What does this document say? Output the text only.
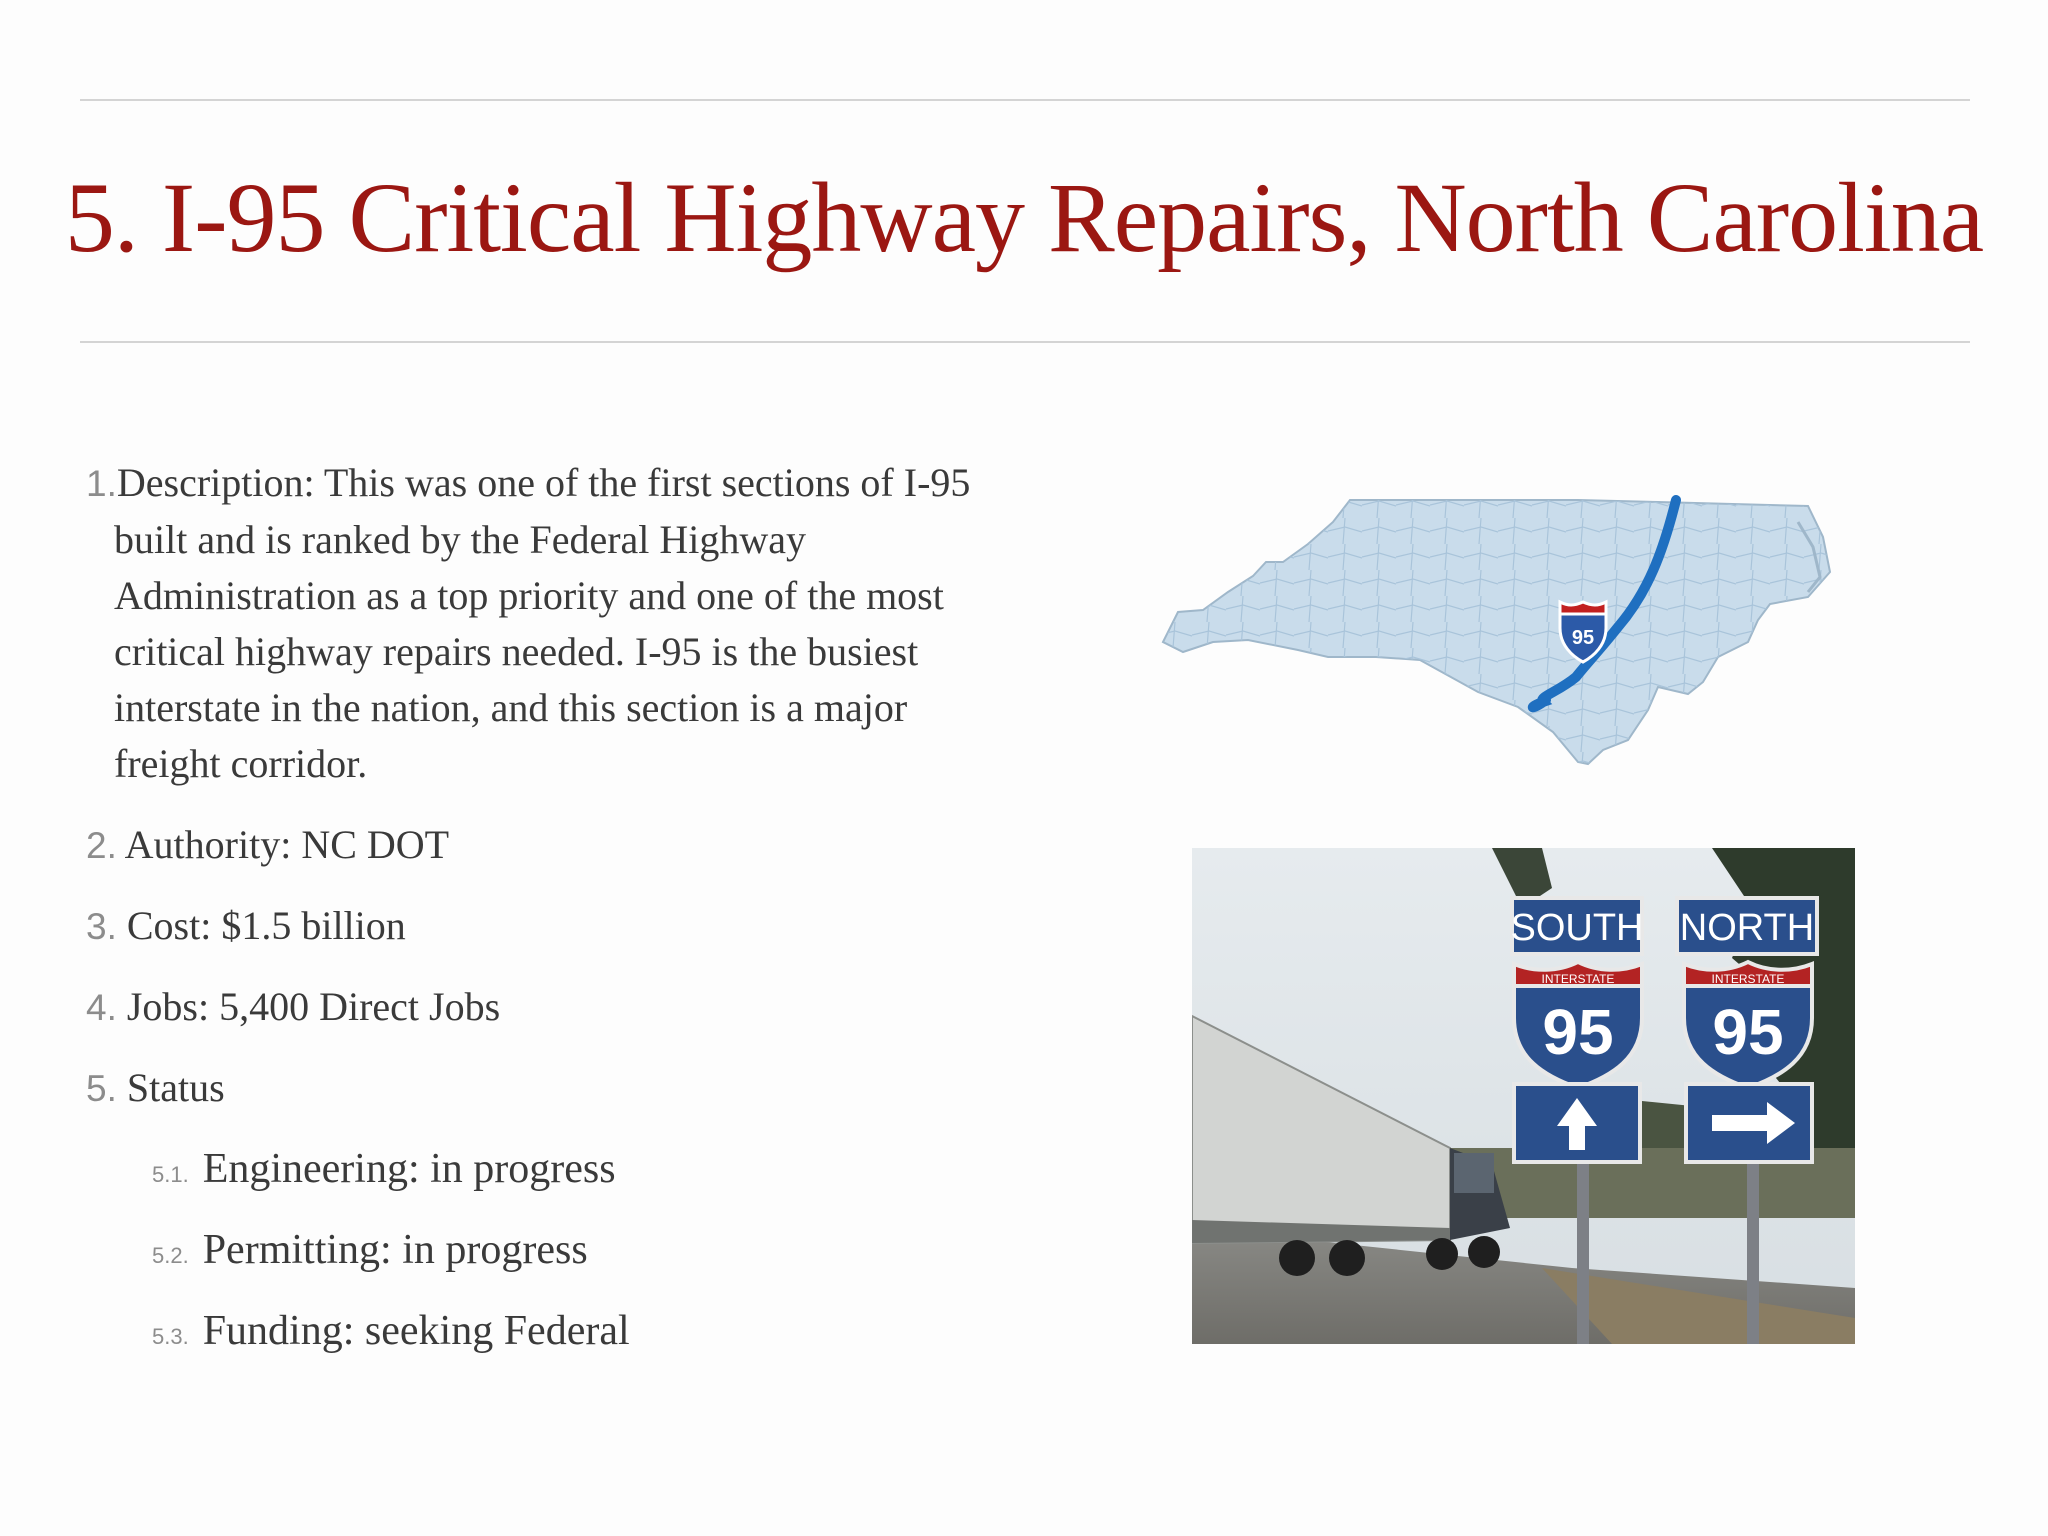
5. I-95 Critical Highway Repairs, North Carolina
1.Description: This was one of the first sections of I-95 built and is ranked by the Federal Highway Administration as a top priority and one of the most critical highway repairs needed. I-95 is the busiest interstate in the nation, and this section is a major freight corridor.
2. Authority: NC DOT
3. Cost: $1.5 billion
4. Jobs: 5,400 Direct Jobs
5. Status
5.1. Engineering: in progress
5.2. Permitting: in progress
5.3. Funding: seeking Federal
95
SOUTH NORTH
INTERSTATE
95
INTERSTATE
95
